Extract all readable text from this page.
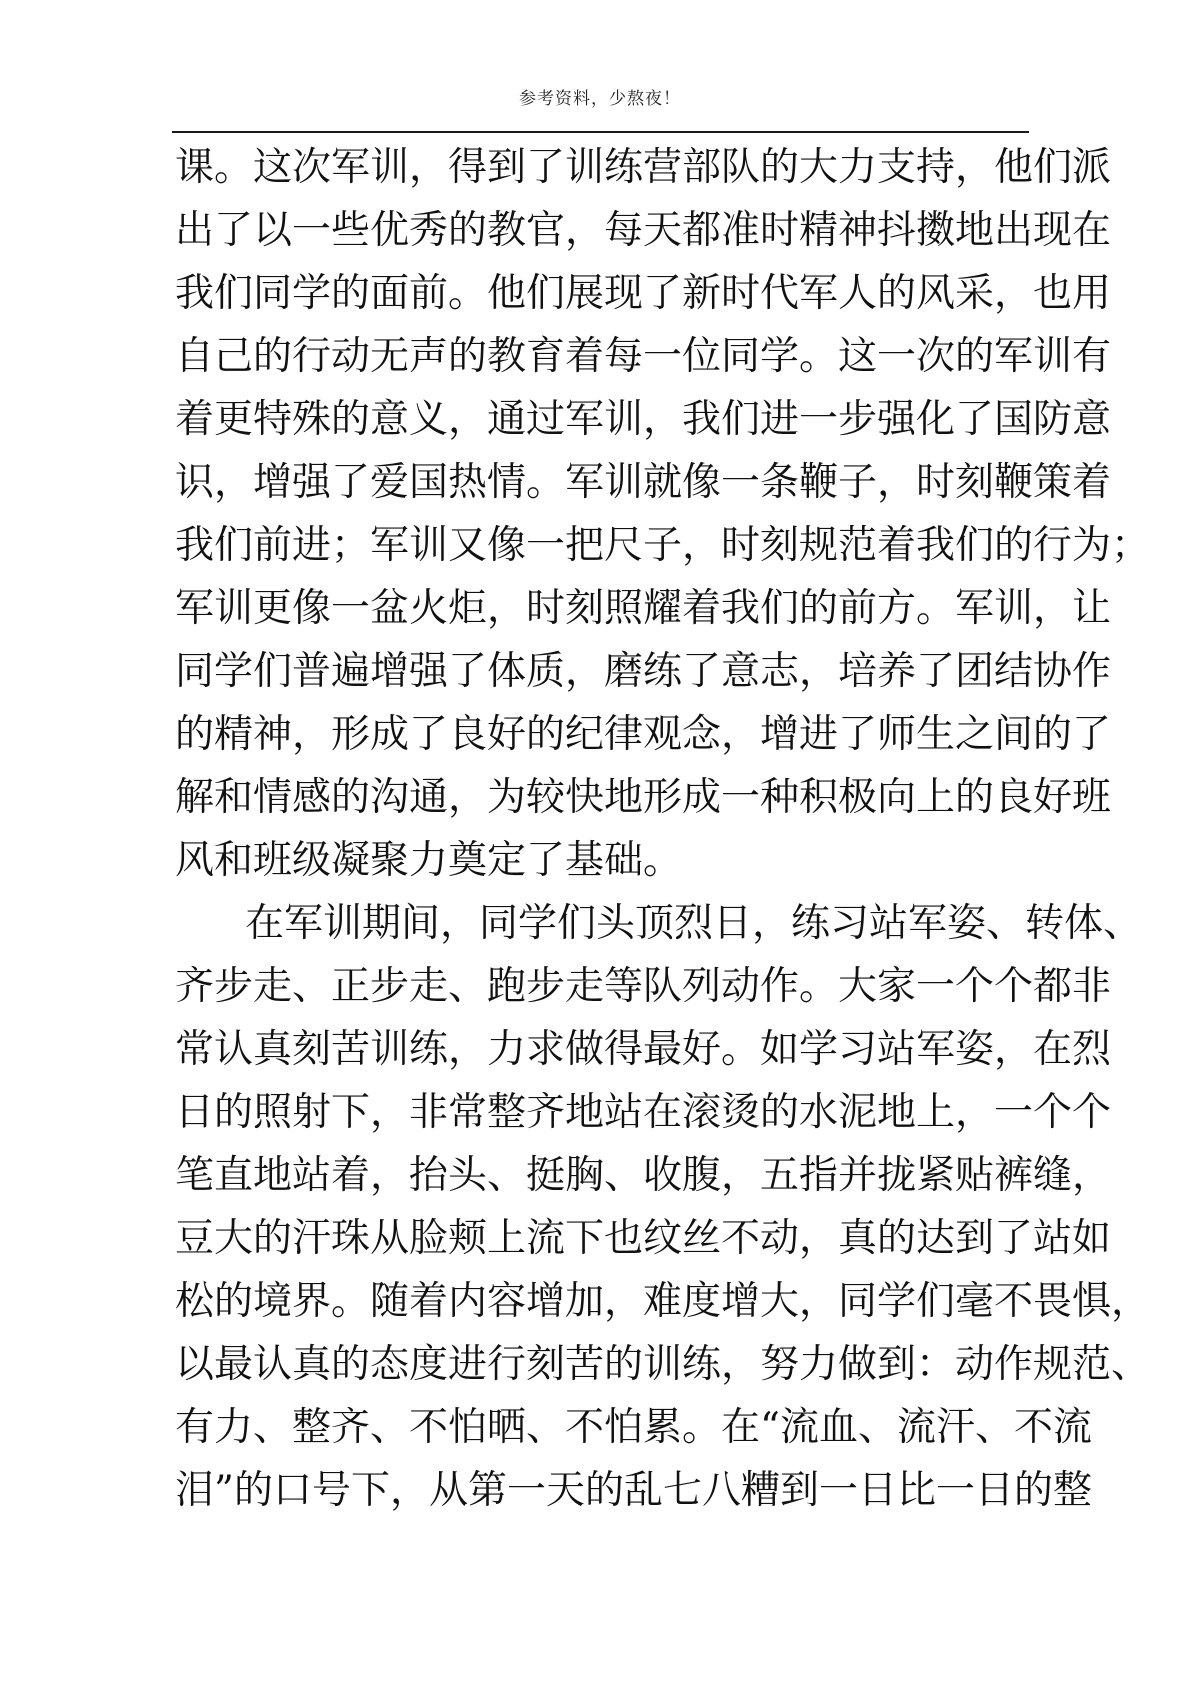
参考资料，少熬夜！
课。这次军训，得到了训练营部队的大力支持，他们派
出了以一些优秀的教官，每天都准时精神抖擞地出现在
我们同学的面前。他们展现了新时代军人的风采，也用
自己的行动无声的教育着每一位同学。这一次的军训有
着更特殊的意义，通过军训，我们进一步强化了国防意
识，增强了爱国热情。军训就像一条鞭子，时刻鞭策着
我们前进；军训又像一把尺子，时刻规范着我们的行为；
军训更像一盆火炬，时刻照耀着我们的前方。军训，让
同学们普遍增强了体质，磨练了意志，培养了团结协作
的精神，形成了良好的纪律观念，增进了师生之间的了
解和情感的沟通，为较快地形成一种积极向上的良好班
风和班级凝聚力奠定了基础。
在军训期间，同学们头顶烈日，练习站军姿、转体、
齐步走、正步走、跑步走等队列动作。大家一个个都非
常认真刻苦训练，力求做得最好。如学习站军姿，在烈
日的照射下，非常整齐地站在滚烫的水泥地上，一个个
笔直地站着，抬头、挺胸、收腹，五指并拢紧贴裤缝，
豆大的汗珠从脸颊上流下也纹丝不动，真的达到了站如
松的境界。随着内容增加，难度增大，同学们毫不畏惧，
以最认真的态度进行刻苦的训练，努力做到：动作规范、
有力、整齐、不怕晒、不怕累。在“流血、流汗、不流
泪”的口号下，从第一天的乱七八糟到一日比一日的整
